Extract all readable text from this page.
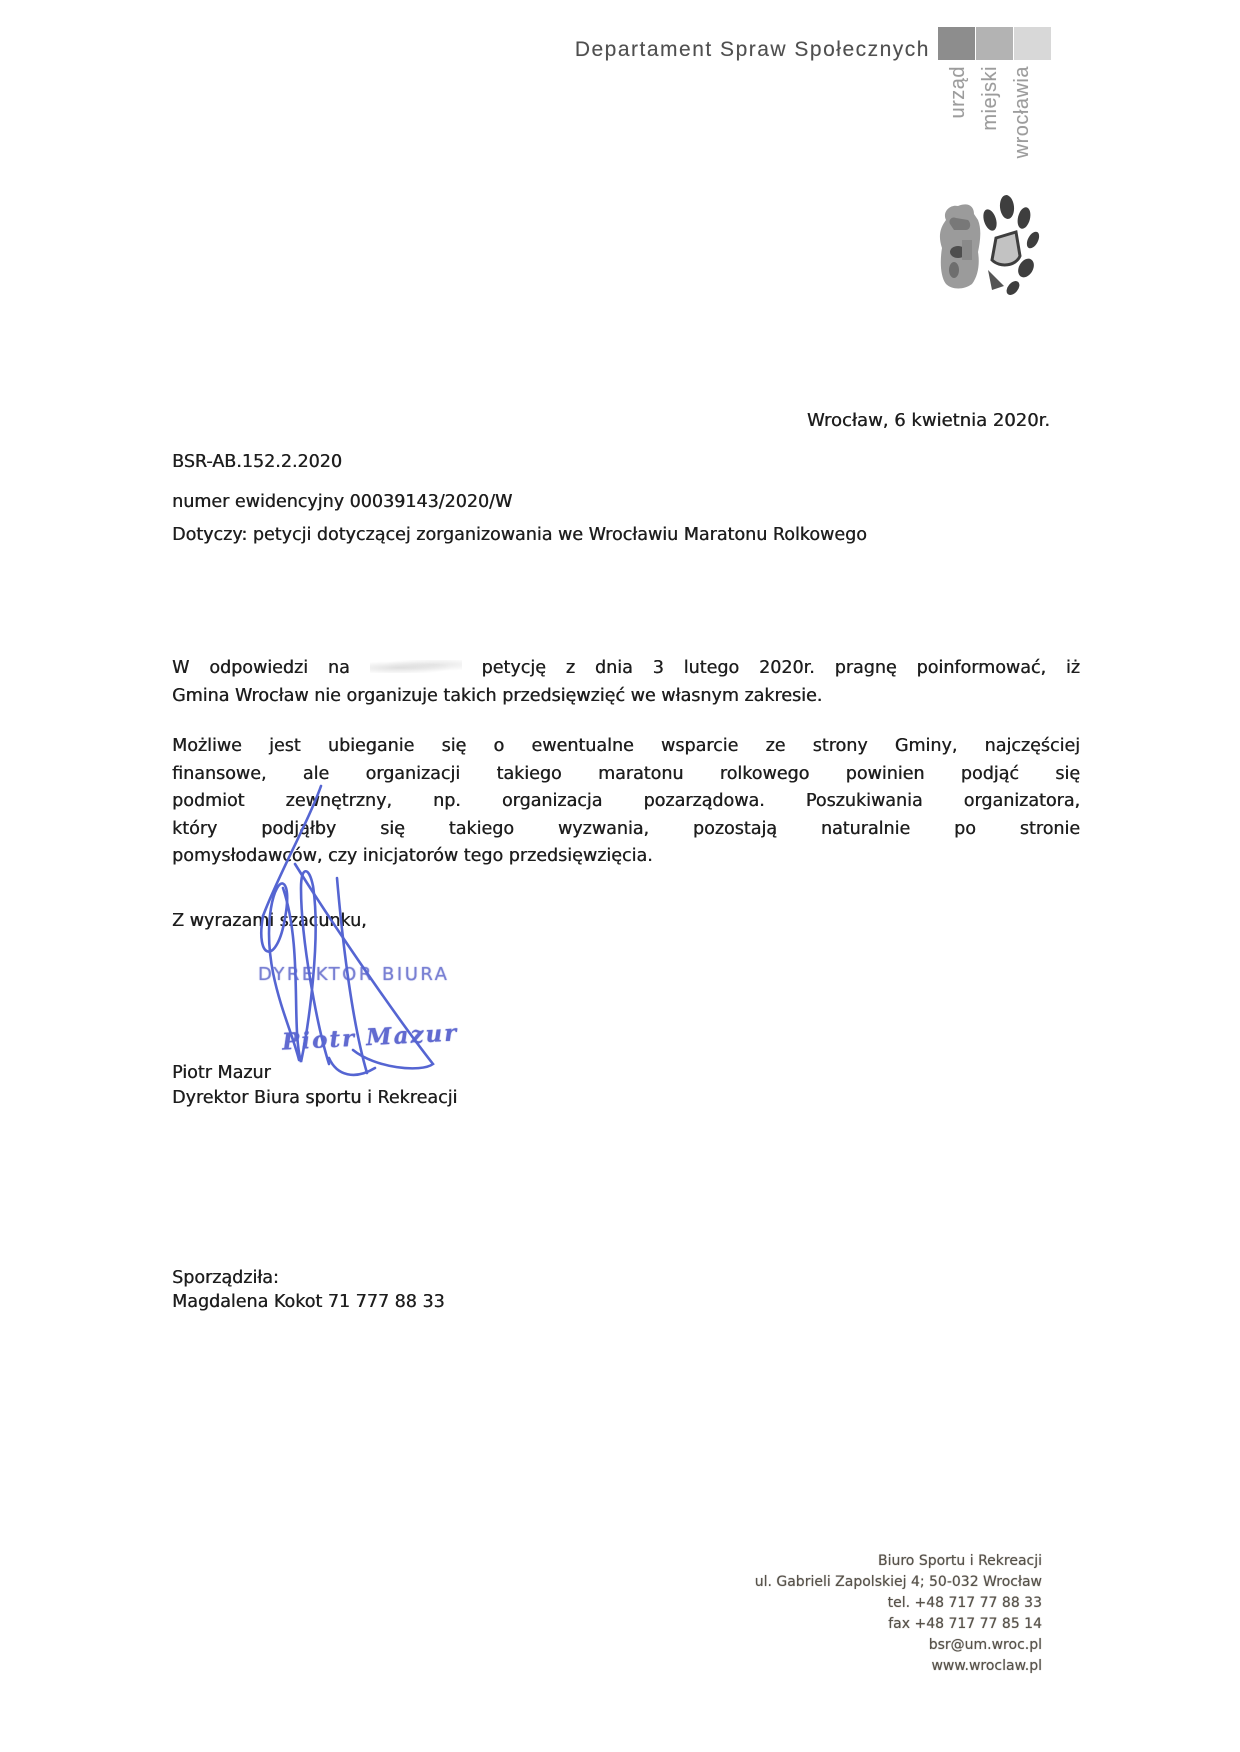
Departament Spraw Społecznych
urząd miejski wrocławia
Wrocław, 6 kwietnia 2020r.
BSR-AB.152.2.2020
numer ewidencyjny 00039143/2020/W
Dotyczy: petycji dotyczącej zorganizowania we Wrocławiu Maratonu Rolkowego
W odpowiedzi na	petycję z dnia 3 lutego 2020r. pragnę poinformować, iż
Gmina Wrocław nie organizuje takich przedsięwzięć we własnym zakresie.
Możliwe jest ubieganie się o ewentualne wsparcie ze strony Gminy, najczęściej
finansowe, ale organizacji takiego maratonu rolkowego powinien podjąć się
podmiot zewnętrzny, np. organizacja pozarządowa. Poszukiwania organizatora,
który podjąłby się takiego wyzwania, pozostają naturalnie po stronie
pomysłodawców, czy inicjatorów tego przedsięwzięcia.
Z wyrazami szacunku,
DYREKTOR BIURA
Piotr Mazur
Piotr Mazur
Dyrektor Biura sportu i Rekreacji
Sporządziła:
Magdalena Kokot 71 777 88 33
Biuro Sportu i Rekreacji
ul. Gabrieli Zapolskiej 4; 50-032 Wrocław
tel. +48 717 77 88 33
fax +48 717 77 85 14
bsr@um.wroc.pl
www.wroclaw.pl
